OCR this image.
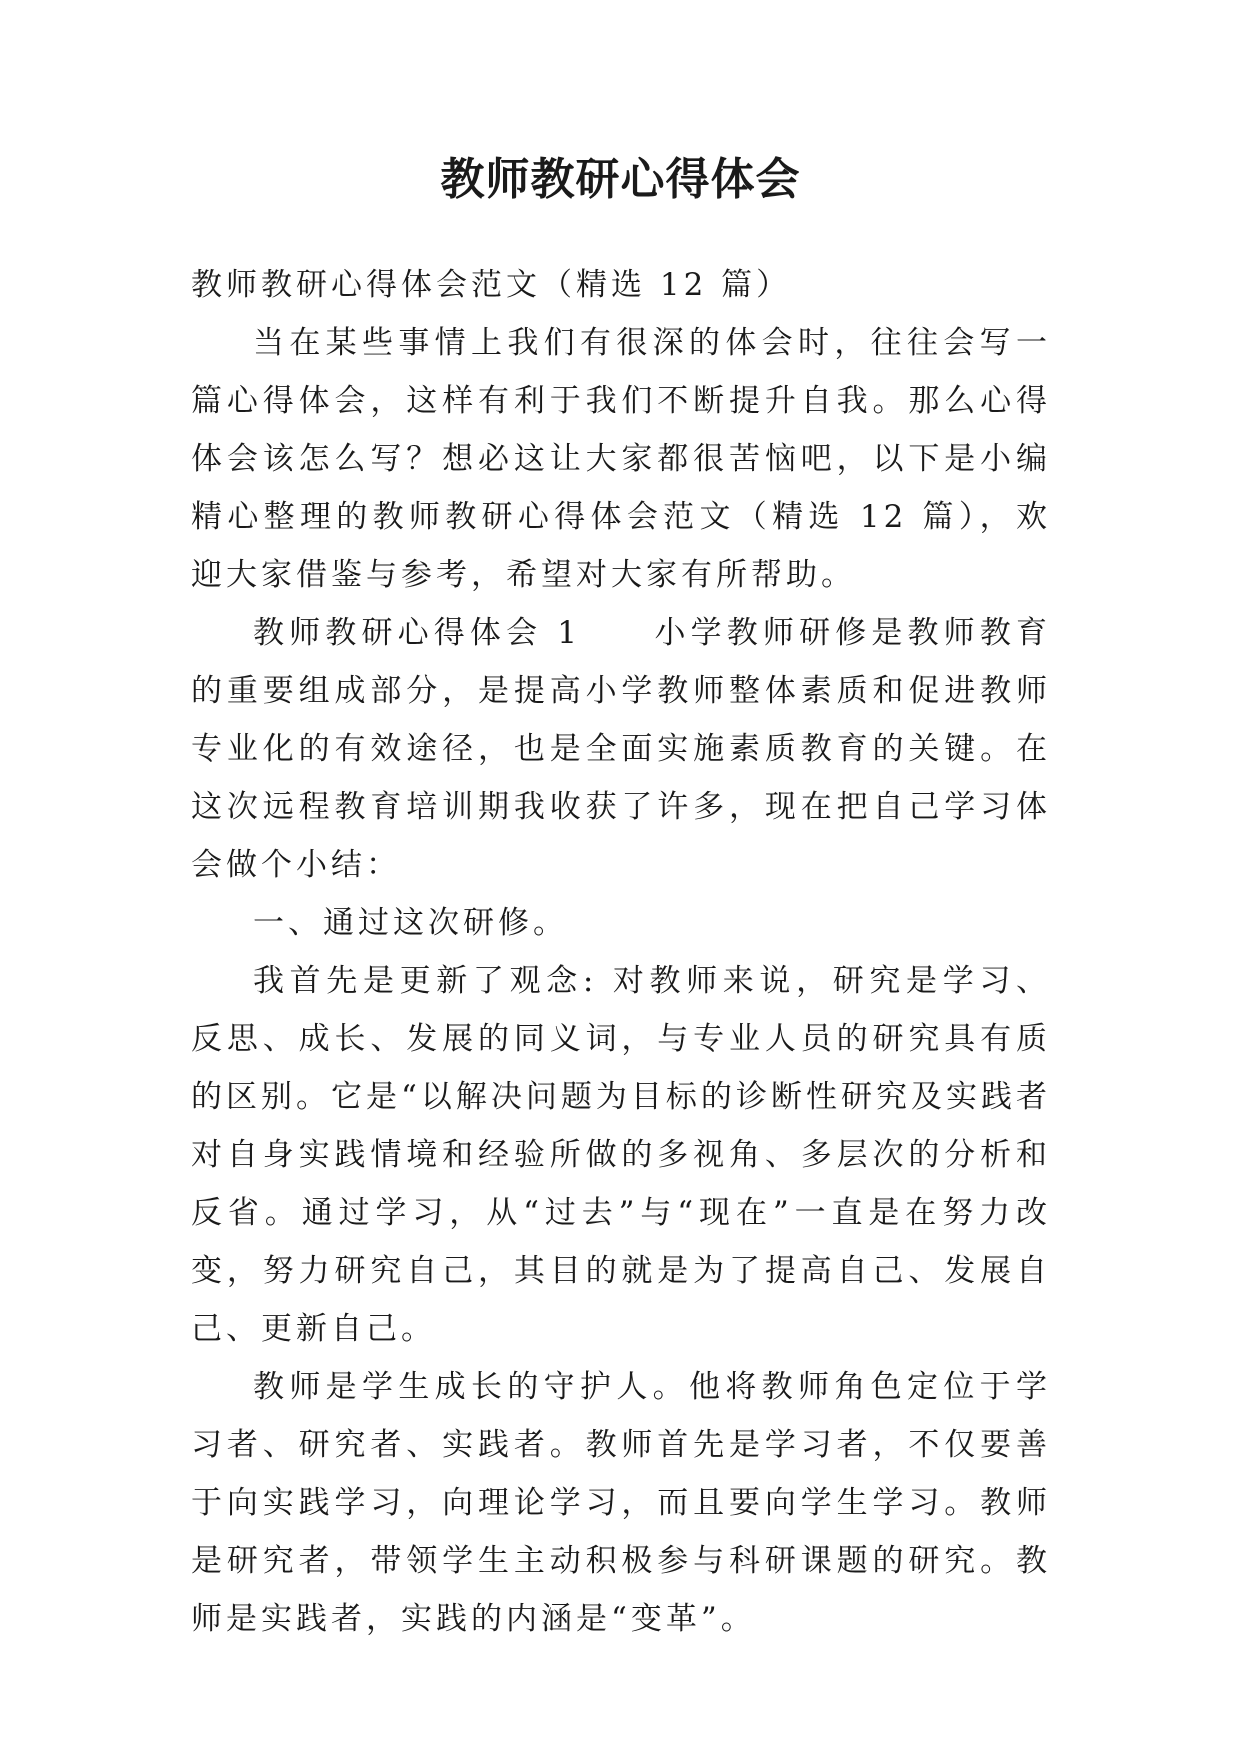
教师教研心得体会

教师教研心得体会范文（精选 12 篇）

当在某些事情上我们有很深的体会时，往往会写一篇心得体会，这样有利于我们不断提升自我。那么心得体会该怎么写？想必这让大家都很苦恼吧，以下是小编精心整理的教师教研心得体会范文（精选 12 篇），欢迎大家借鉴与参考，希望对大家有所帮助。

教师教研心得体会 1　　小学教师研修是教师教育的重要组成部分，是提高小学教师整体素质和促进教师专业化的有效途径，也是全面实施素质教育的关键。在这次远程教育培训期我收获了许多，现在把自己学习体会做个小结：

一、通过这次研修。

我首先是更新了观念: 对教师来说，研究是学习、反思、成长、发展的同义词，与专业人员的研究具有质的区别。它是“以解决问题为目标的诊断性研究及实践者对自身实践情境和经验所做的多视角、多层次的分析和反省。通过学习，从“过去”与“现在”一直是在努力改变，努力研究自己，其目的就是为了提高自己、发展自己、更新自己。

教师是学生成长的守护人。他将教师角色定位于学习者、研究者、实践者。教师首先是学习者，不仅要善于向实践学习，向理论学习，而且要向学生学习。教师是研究者，带领学生主动积极参与科研课题的研究。教师是实践者，实践的内涵是“变革”。
